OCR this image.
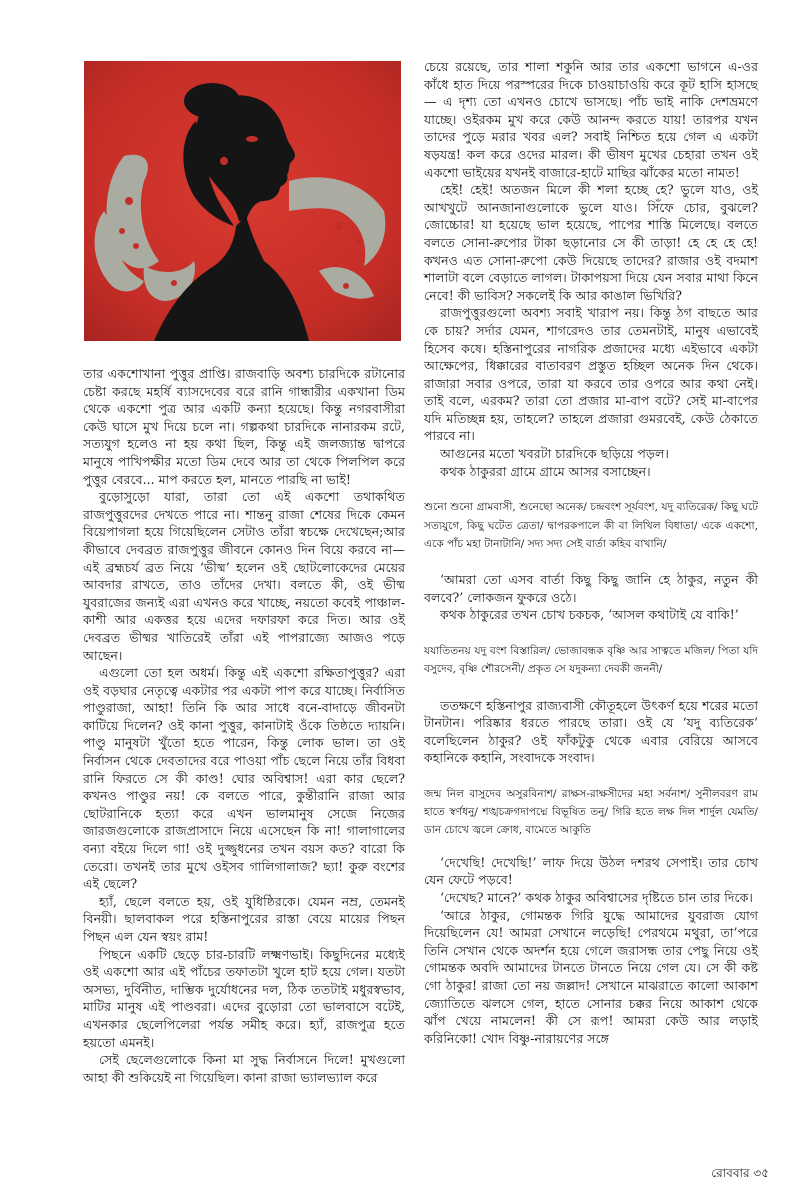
তার একশোখানা পুত্তুর প্রাপ্তি। রাজবাড়ি অবশ্য চারদিকে রটানোর চেষ্টা করছে মহর্ষি ব্যাসদেবের বরে রানি গান্ধারীর একখানা ডিম থেকে একশো পুত্র আর একটি কন্যা হয়েছে। কিন্তু নগরবাসীরা কেউ ঘাসে মুখ দিয়ে চলে না। গল্পকথা চারদিকে নানারকম রটে, সত্যযুগ হলেও না হয় কথা ছিল, কিন্তু এই জলজ্যান্ত দ্বাপরে মানুষে পাখিপক্ষীর মতো ডিম দেবে আর তা থেকে পিলপিল করে পুত্তুর বেরবে... মাপ করতে হল, মানতে পারছি না ভাই!

বুড়োসুড়ো যারা, তারা তো এই একশো তথাকথিত রাজপুত্তুরদের দেখতে পারে না। শান্তনু রাজা শেষের দিকে কেমন বিয়েপাগলা হয়ে গিয়েছিলেন সেটাও তাঁরা স্বচক্ষে দেখেছেন;আর কীভাবে দেবব্রত রাজপুত্তুর জীবনে কোনও দিন বিয়ে করবে না— এই ব্রহ্মচর্য ব্রত নিয়ে ‘ভীষ্ম’ হলেন ওই ছোটলোকেদের মেয়ের আবদার রাখতে, তাও তাঁদের দেখা। বলতে কী, ওই ভীষ্ম যুবরাজের জন্যই এরা এখনও করে খাচ্ছে, নয়তো কবেই পাঞ্চাল-কাশী আর একত্তর হয়ে এদের দফারফা করে দিত। আর ওই দেবব্রত ভীষ্মর খাতিরেই তাঁরা এই পাপরাজ্যে আজও পড়ে আছেন।

এগুলো তো হল অধর্ম। কিন্তু এই একশো রক্ষিতাপুত্তুর? এরা ওই বড়ঘার নেতৃত্বে একটার পর একটা পাপ করে যাচ্ছে। নির্বাসিত পাণ্ডুরাজা, আহা! তিনি কি আর সাধে বনে-বাদাড়ে জীবনটা কাটিয়ে দিলেন? ওই কানা পুত্তুর, কানাটাই ওঁকে তিষ্ঠতে দ্যায়নি। পাণ্ডু মানুষটা খুঁতো হতে পারেন, কিন্তু লোক ভাল। তা ওই নির্বাসন থেকে দেবতাদের বরে পাওয়া পাঁচ ছেলে নিয়ে তাঁর বিধবা রানি ফিরতে সে কী কাণ্ড! ঘোর অবিশ্বাস! এরা কার ছেলে? কখনও পাণ্ডুর নয়! কে বলতে পারে, কুন্তীরানি রাজা আর ছোটরানিকে হত্যা করে এখন ভালমানুষ সেজে নিজের জারজগুলোকে রাজপ্রাসাদে নিয়ে এসেছেন কি না! গালাগালের বন্যা বইয়ে দিলে গা! ওই দুজ্জুধনের তখন বয়স কত? বারো কি তেরো। তখনই তার মুখে ওইসব গালিগালাজ? ছ্যা! কুরু বংশের এই ছেলে?

হ্যাঁ, ছেলে বলতে হয়, ওই যুধিষ্ঠিরকে। যেমন নম্র, তেমনই বিনয়ী। ছালবাকল পরে হস্তিনাপুরের রাস্তা বেয়ে মায়ের পিছন পিছন এল যেন স্বয়ং রাম!

পিছনে একটি ছেড়ে চার-চারটি লক্ষ্মণভাই। কিছুদিনের মধ্যেই ওই একশো আর এই পাঁচের তফাতটা খুলে হাট হয়ে গেল। যতটা অসভ্য, দুর্বিনীত, দাম্ভিক দুর্যোধনের দল, ঠিক ততটাই মধুরস্বভাব, মাটির মানুষ এই পাণ্ডবরা। এদের বুড়োরা তো ভালবাসে বটেই, এখনকার ছেলেপিলেরা পর্যন্ত সমীহ করে। হ্যাঁ, রাজপুত্র হতে হয়তো এমনই।

সেই ছেলেগুলোকে কিনা মা সুদ্ধ নির্বাসনে দিলে! মুখগুলো আহা কী শুকিয়েই না গিয়েছিল। কানা রাজা ভ্যালভ্যাল করে

চেয়ে রয়েছে, তার শালা শকুনি আর তার একশো ভাগনে এ-ওর কাঁধে হাত দিয়ে পরস্পরের দিকে চাওয়াচাওয়ি করে কূট হাসি হাসছে— এ দৃশ্য তো এখনও চোখে ভাসছে। পাঁচ ভাই নাকি দেশভ্রমণে যাচ্ছে। ওইরকম মুখ করে কেউ আনন্দ করতে যায়! তারপর যখন তাদের পুড়ে মরার খবর এল? সবাই নিশ্চিত হয়ে গেল এ একটা ষড়যন্ত্র! কল করে ওদের মারল। কী ভীষণ মুখের চেহারা তখন ওই একশো ভাইয়ের যখনই বাজারে-হাটে মাছির ঝাঁকের মতো নামত!

হেই! হেই! অতজন মিলে কী শলা হচ্ছে হে? ভুলে যাও, ওই আখখুটে আনজানাগুলোকে ভুলে যাও। সিঁফে চোর, বুঝলে? জোচ্চোর! যা হয়েছে ভাল হয়েছে, পাপের শাস্তি মিলেছে। বলতে বলতে সোনা-রুপোর টাকা ছড়ানোর সে কী তাড়া! হে হে হে হে! কখনও এত সোনা-রুপো কেউ দিয়েছে তাদের? রাজার ওই বদমাশ শালাটা বলে বেড়াতে লাগল। টাকাপয়সা দিয়ে যেন সবার মাথা কিনে নেবে! কী ভাবিস? সকলেই কি আর কাঙাল ভিখিরি?

রাজপুত্তুরগুলো অবশ্য সবাই খারাপ নয়। কিন্তু ঠগ বাছতে আর কে চায়? সর্দার যেমন, শাগরেদও তার তেমনটাই, মানুষ এভাবেই হিসেব কষে। হস্তিনাপুরের নাগরিক প্রজাদের মধ্যে এইভাবে একটা আক্ষেপের, ধিক্কারের বাতাবরণ প্রস্তুত হচ্ছিল অনেক দিন থেকে। রাজারা সবার ওপরে, তারা যা করবে তার ওপরে আর কথা নেই। তাই বলে, এরকম? তারা তো প্রজার মা-বাপ বটে? সেই মা-বাপের যদি মতিচ্ছন্ন হয়, তাহলে? তাহলে প্রজারা গুমরবেই, কেউ ঠেকাতে পারবে না।

আগুনের মতো খবরটা চারদিকে ছড়িয়ে পড়ল।

কথক ঠাকুররা গ্রামে গ্রামে আসর বসাচ্ছেন।

শুনো শুনো গ্রামবাসী, শুনেছো অনেক/ চন্দ্রবংশ সূর্যবংশ, যদু ব্যতিরেক/ কিছু ঘটে সত্যযুগে, কিছু ঘটেত ত্রেতা/ দ্বাপরকপালে কী বা লিখিল বিধাতা/ একে একশো, একে পাঁচ মহা টানাটানি/ সদ্য সদ্য সেই বার্তা কহিব বাখানি/

‘আমরা তো এসব বার্তা কিছু কিছু জানি হে ঠাকুর, নতুন কী বলবে?’ লোকজন ফুকরে ওঠে।

কথক ঠাকুরের তখন চোখ চকচক, ‘আসল কথাটাই যে বাকি!’

যযাতিতনয় যদু বংশ বিস্তারিল/ ভোজাবন্ধক বৃষ্ণি আর সাত্বতে মজিল/ পিতা যদি বসুদেব, বৃষ্ণি শৌরসেনী/ প্রকৃত সে যদুকন্যা দেবকী জননী/

ততক্ষণে হস্তিনাপুর রাজ্যবাসী কৌতূহলে উৎকর্ণ হয়ে শরের মতো টানটান। পরিষ্কার ধরতে পারছে তারা। ওই যে ‘যদু ব্যতিরেক’ বলেছিলেন ঠাকুর? ওই ফাঁকটুকু থেকে এবার বেরিয়ে আসবে কহানিকে কহানি, সংবাদকে সংবাদ।

জন্ম নিল বাসুদেব অসুরবিনাশ/ রাক্ষস-রাক্ষসীদের মহা সর্বনাশ/ সুনীলবরণ রাম হাতে স্বর্ণধনু/ শঙ্খচক্রগদাপদ্মে বিভূষিত তনু/ গিরি হতে লক্ষ দিল শার্দুল যেমতি/ ডান চোখে জ্বলে ক্রোধ, বামেতে আকুতি

‘দেখেছি! দেখেছি!’ লাফ দিয়ে উঠল দশরথ সেপাই। তার চোখ যেন ফেটে পড়বে!

‘দেখেছ? মানে?’ কথক ঠাকুর অবিশ্বাসের দৃষ্টিতে চান তার দিকে।

‘আরে ঠাকুর, গোমন্তক গিরি যুদ্ধে আমাদের যুবরাজ যোগ দিয়েছিলেন যে! আমরা সেখানে লড়েছি! পেরথমে মথুরা, তা’পরে তিনি সেখান থেকে অদর্শন হয়ে গেলে জরাসন্ধ তার পেছু নিয়ে ওই গোমন্তক অবদি আমাদের টানতে টানতে নিয়ে গেল যে। সে কী কষ্ট গো ঠাকুর! রাজা তো নয় জল্লাদ! সেখানে মাঝরাতে কালো আকাশ জ্যোতিতে ঝলসে গেল, হাতে সোনার চক্কর নিয়ে আকাশ থেকে ঝাঁপ খেয়ে নামলেন! কী সে রূপ! আমরা কেউ আর লড়াই করিনিকো! খোদ বিষ্ণু-নারায়ণের সঙ্গে

রোববার ৩৫
